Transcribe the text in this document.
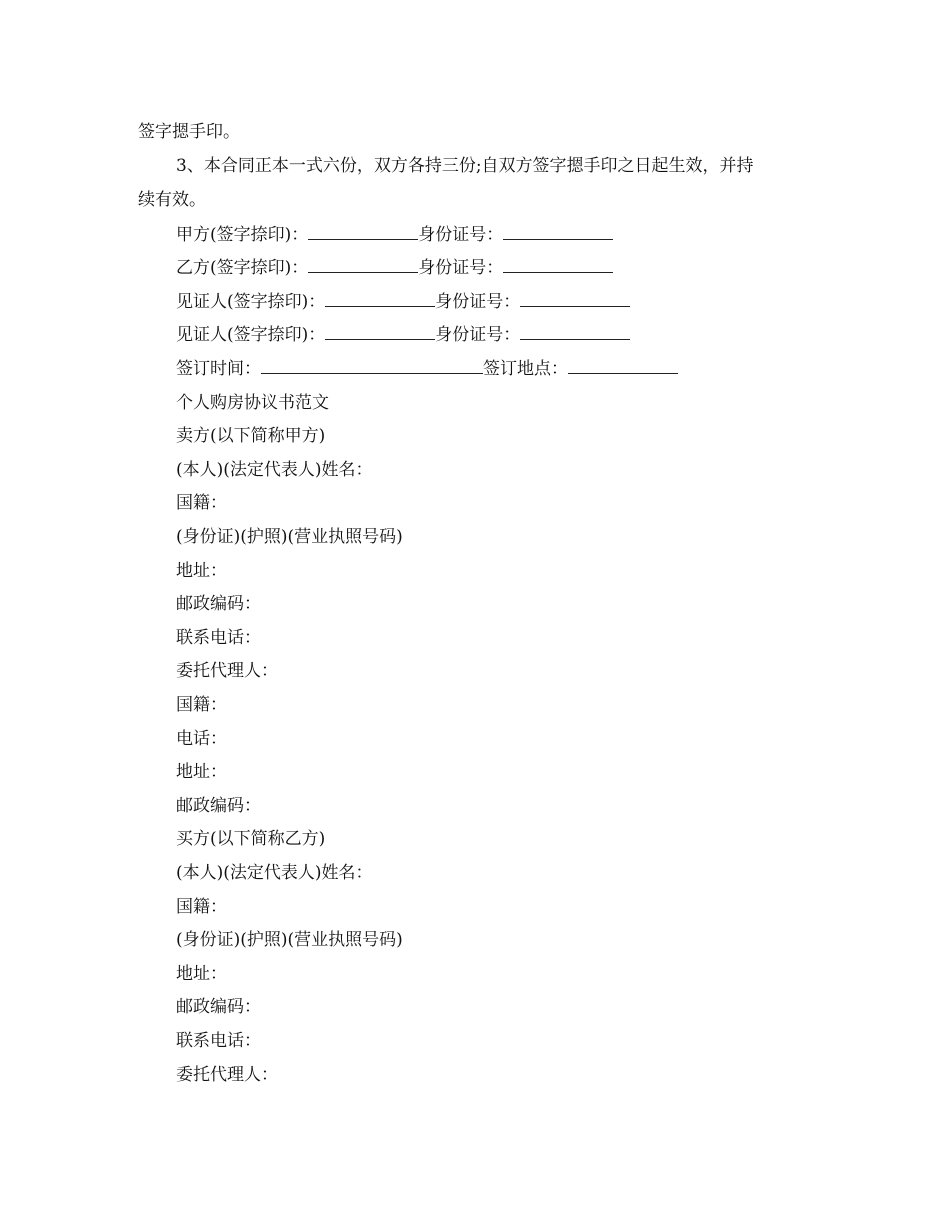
签字摁手印。
3、本合同正本一式六份，双方各持三份;自双方签字摁手印之日起生效，并持
续有效。
甲方(签字捺印)：	身份证号：
乙方(签字捺印)：	身份证号：
见证人(签字捺印)：	身份证号：
见证人(签字捺印)：	身份证号：
签订时间：	签订地点：
个人购房协议书范文
卖方(以下简称甲方)
(本人)(法定代表人)姓名：
国籍：
(身份证)(护照)(营业执照号码)
地址：
邮政编码：
联系电话：
委托代理人：
国籍：
电话：
地址：
邮政编码：
买方(以下简称乙方)
(本人)(法定代表人)姓名：
国籍：
(身份证)(护照)(营业执照号码)
地址：
邮政编码：
联系电话：
委托代理人：
